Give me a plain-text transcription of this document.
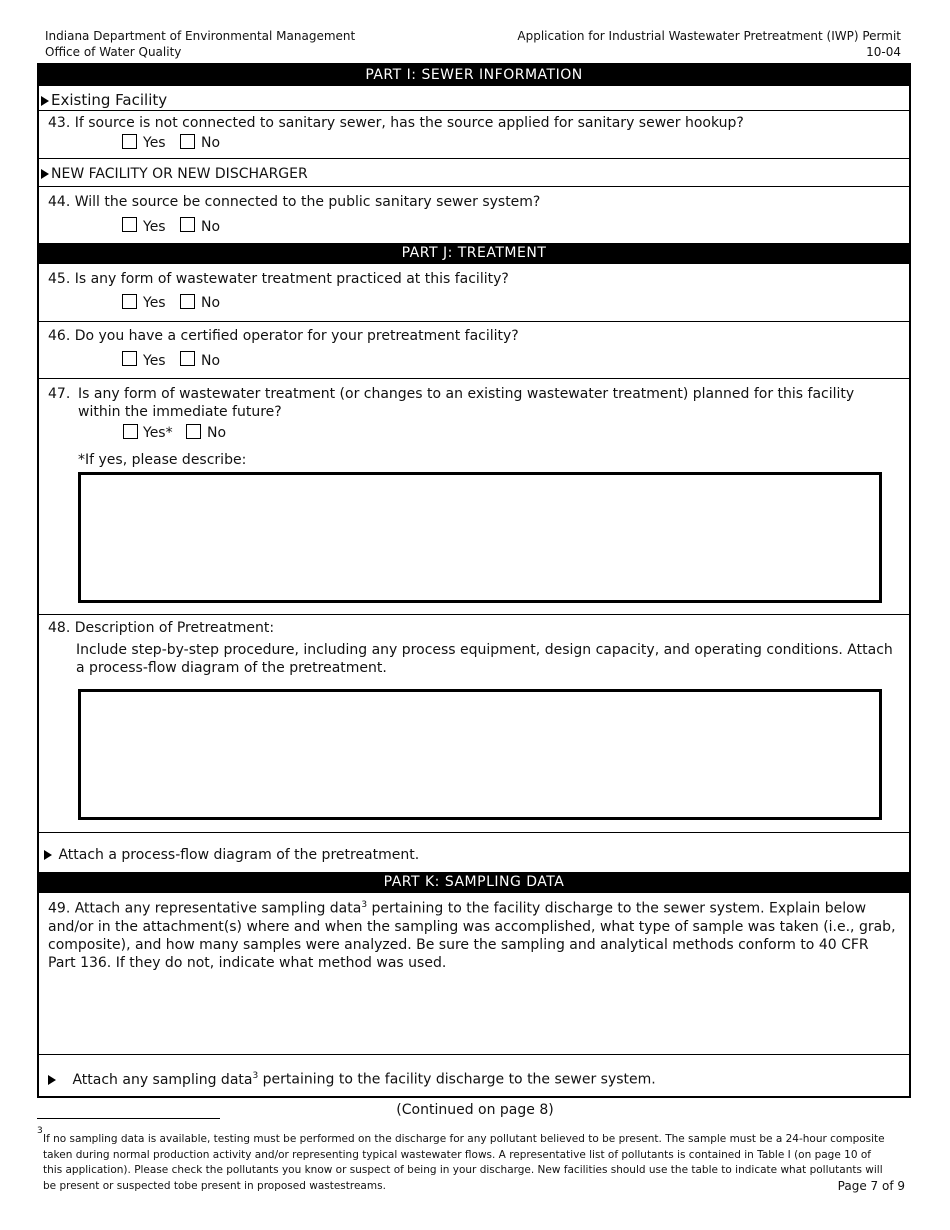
Indiana Department of Environmental Management
Office of Water Quality
Application for Industrial Wastewater Pretreatment (IWP) Permit
10-04
PART I: SEWER INFORMATION
Existing Facility
43. If source is not connected to sanitary sewer, has the source applied for sanitary sewer hookup?
Yes	No
NEW FACILITY OR NEW DISCHARGER
44. Will the source be connected to the public sanitary sewer system?
Yes	No
PART J: TREATMENT
45. Is any form of wastewater treatment practiced at this facility?
Yes	No
46. Do you have a certified operator for your pretreatment facility?
Yes	No
47. Is any form of wastewater treatment (or changes to an existing wastewater treatment) planned for this facility within the immediate future?
Yes* No
*If yes, please describe:
48. Description of Pretreatment:
Include step-by-step procedure, including any process equipment, design capacity, and operating conditions. Attach a process-flow diagram of the pretreatment.
Attach a process-flow diagram of the pretreatment.
PART K: SAMPLING DATA
49. Attach any representative sampling data$^3$ pertaining to the facility discharge to the sewer system. Explain below and/or in the attachment(s) where and when the sampling was accomplished, what type of sample was taken (i.e., grab, composite), and how many samples were analyzed. Be sure the sampling and analytical methods conform to 40 CFR Part 136. If they do not, indicate what method was used.
Attach any sampling data$^3$ pertaining to the facility discharge to the sewer system.
(Continued on page 8)
3
If no sampling data is available, testing must be performed on the discharge for any pollutant believed to be present. The sample must be a 24-hour composite taken during normal production activity and/or representing typical wastewater flows. A representative list of pollutants is contained in Table I (on page 10 of this application). Please check the pollutants you know or suspect of being in your discharge. New facilities should use the table to indicate what pollutants will be present or suspected tobe present in proposed wastestreams.	Page 7 of 9
